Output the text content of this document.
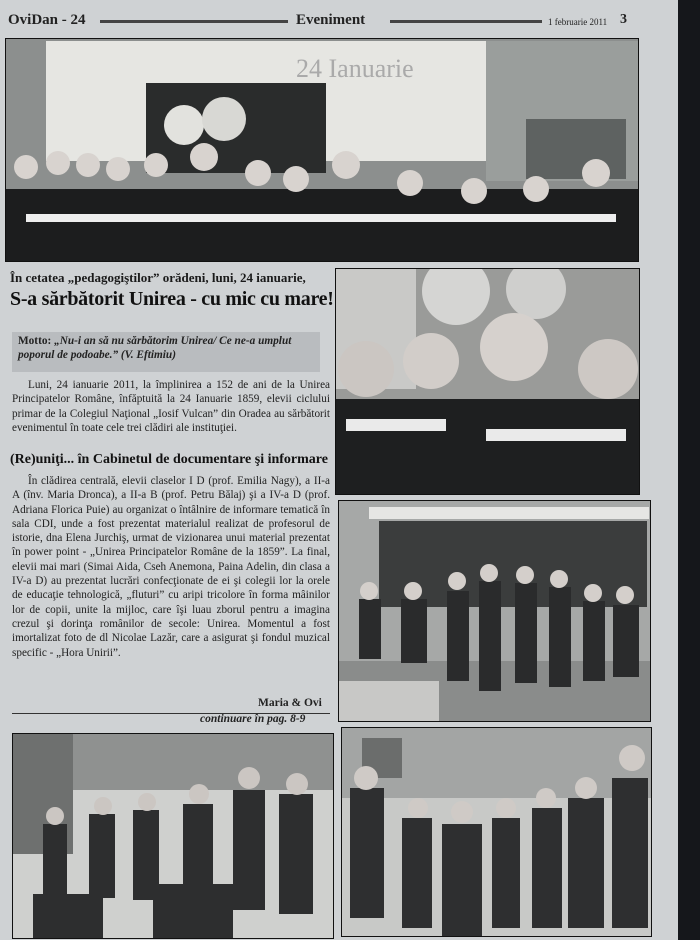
OviDan - 24	Eveniment	1 februarie 2011 3
24 Ianuarie
În cetatea „pedagogiştilor” orădeni, luni, 24 ianuarie,
S-a sărbătorit Unirea - cu mic cu mare!
Motto: „Nu-i an să nu sărbătorim Unirea/ Ce ne-a umplut poporul de podoabe.” (V. Eftimiu)
Luni, 24 ianuarie 2011, la împlinirea a 152 de ani de la Unirea Principatelor Române, înfăptuită la 24 Ianuarie 1859, elevii ciclului primar de la Colegiul Naţional „Iosif Vulcan” din Oradea au sărbătorit evenimentul în toate cele trei clădiri ale instituţiei.
(Re)uniţi... în Cabinetul de documentare şi informare
În clădirea centrală, elevii claselor I D (prof. Emilia Nagy), a II-a A (înv. Maria Dronca), a II-a B (prof. Petru Bălaj) şi a IV-a D (prof. Adriana Florica Puie) au organizat o întâlnire de informare tematică în sala CDI, unde a fost prezentat materialul realizat de profesorul de istorie, dna Elena Jurchiş, urmat de vizionarea unui material prezentat în power point - „Unirea Principatelor Române de la 1859”. La final, elevii mai mari (Simai Aida, Cseh Anemona, Paina Adelin, din clasa a IV-a D) au prezentat lucrări confecţionate de ei şi colegii lor la orele de educaţie tehnologică, „fluturi” cu aripi tricolore în forma mâinilor lor de copii, unite la mijloc, care îşi luau zborul pentru a imagina crezul şi dorinţa românilor de secole: Unirea. Momentul a fost imortalizat foto de dl Nicolae Lazăr, care a asigurat şi fondul muzical specific - „Hora Unirii”.
Maria & Ovi
continuare în pag. 8-9
